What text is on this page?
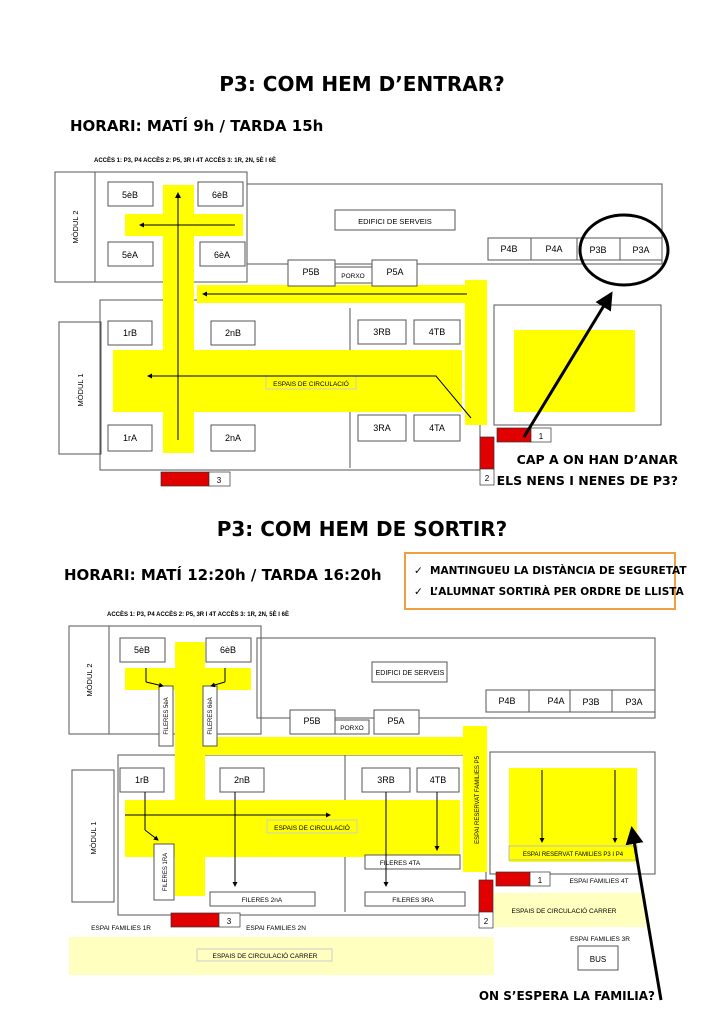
P3: COM HEM D’ENTRAR?
HORARI: MATÍ 9h / TARDA 15h
ACCÈS 1: P3, P4 ACCÈS 2: P5, 3R I 4T ACCÈS 3: 1R, 2N, 5È I 6È
CAP A ON HAN D’ANAR
ELS NENS I NENES DE P3?
P3: COM HEM DE SORTIR?
HORARI: MATÍ 12:20h / TARDA 16:20h	✓ MANTINGUEU LA DISTÀNCIA DE SEGURETAT
✓ L’ALUMNAT SORTIRÀ PER ORDRE DE LLISTA
ACCÈS 1: P3, P4 ACCÈS 2: P5, 3R I 4T ACCÈS 3: 1R, 2N, 5È I 6È
ON S’ESPERA LA FAMILIA?
5èB	6èB
5èA	6èA
EDIFICI DE SERVEIS
P4B	P4A	P3B	P3A
P5B	PORXO P5A
1rB	2nB	3RB	4TB
1rA	2nA
3RA	4TA
ESPAIS DE CIRCULACIÓ
1
2
3
MÒDUL 2
MÒDUL 1
5èB	6èB
FILERES 5èA	FILERES 6èA
EDIFICI DE SERVEIS
P4B	P4A P3B	P3A
P5B
PORXO
P5A
1rB	2nB	3RB	4TB
FILERES 1RA
ESPAIS DE CIRCULACIÓ	ESPAI RESERVAT FAMILIES P5
FILERES 4TA
FILERES 2nA	FILERES 3RA
ESPAI RESERVAT FAMILIES P3 I P4
ESPAI FAMILIES 4T
ESPAIS DE CIRCULACIÓ CARRER
ESPAI FAMILIES 3R
BUS
ESPAI FAMILIES 1R	ESPAI FAMILIES 2N
ESPAIS DE CIRCULACIÓ CARRER
1
2
3
MÒDUL 2
MÒDUL 1
